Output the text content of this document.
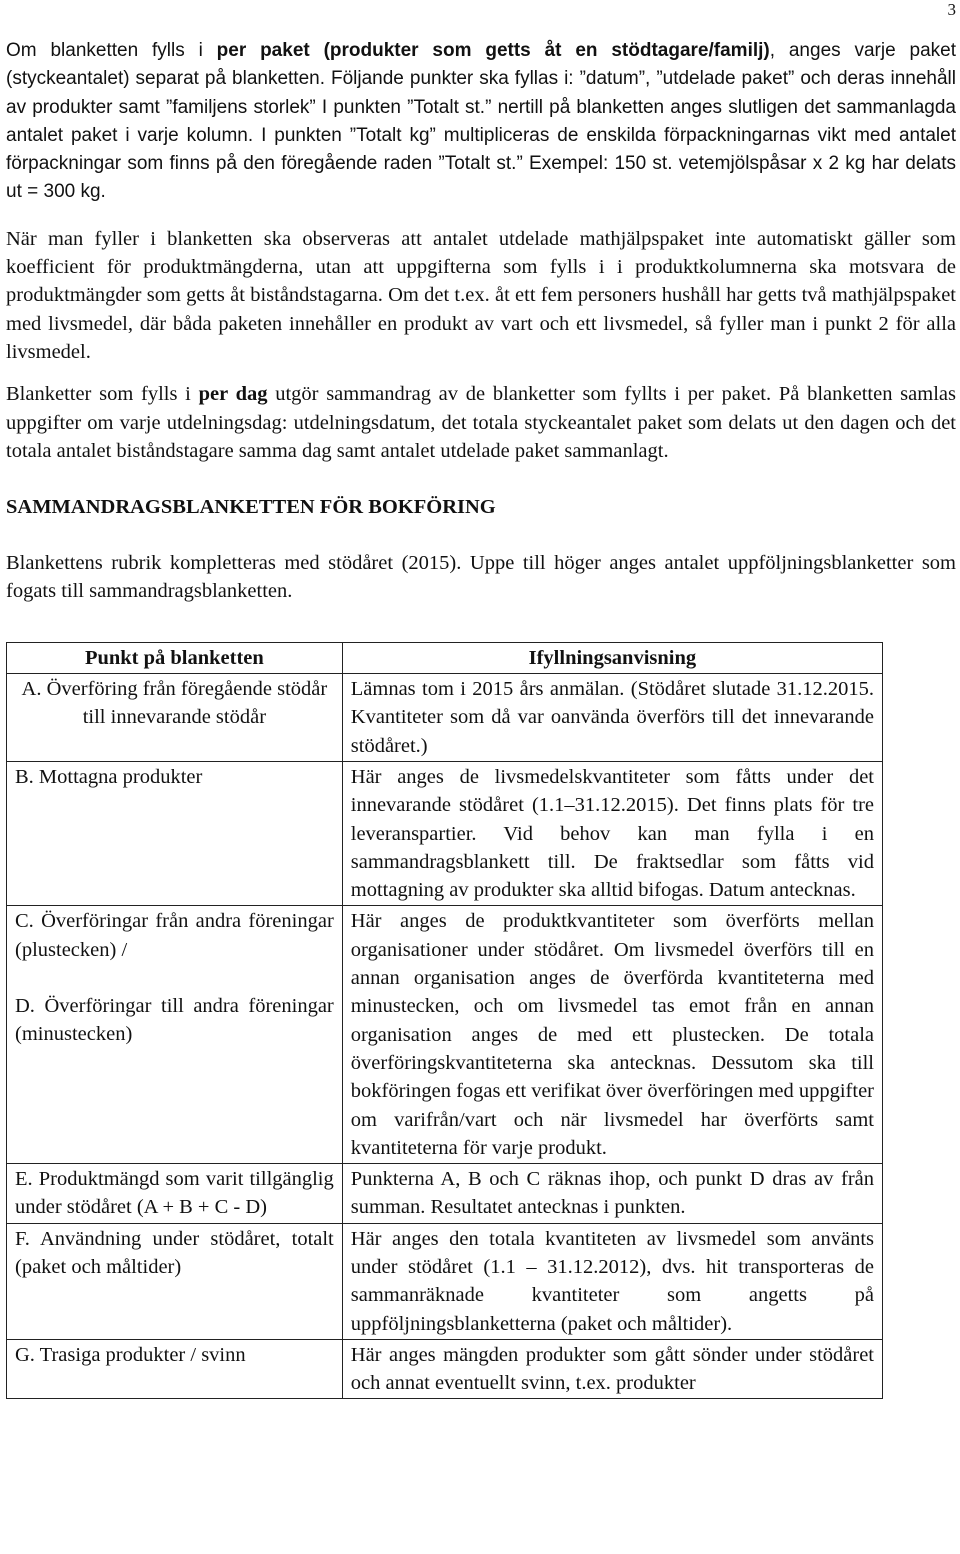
3

Om blanketten fylls i per paket (produkter som getts åt en stödtagare/familj), anges varje paket (styckeantalet) separat på blanketten. Följande punkter ska fyllas i: ”datum”, ”utdelade paket” och deras innehåll av produkter samt ”familjens storlek” I punkten ”Totalt st.” nertill på blanketten anges slutligen det sammanlagda antalet paket i varje kolumn. I punkten ”Totalt kg” multipliceras de enskilda förpackningarnas vikt med antalet förpackningar som finns på den föregående raden ”Totalt st.” Exempel: 150 st. vetemjölspåsar x 2 kg har delats ut = 300 kg.

När man fyller i blanketten ska observeras att antalet utdelade mathjälpspaket inte automatiskt gäller som koefficient för produktmängderna, utan att uppgifterna som fylls i i produktkolumnerna ska motsvara de produktmängder som getts åt biståndstagarna. Om det t.ex. åt ett fem personers hushåll har getts två mathjälpspaket med livsmedel, där båda paketen innehåller en produkt av vart och ett livsmedel, så fyller man i punkt 2 för alla livsmedel.

Blanketter som fylls i per dag utgör sammandrag av de blanketter som fyllts i per paket. På blanketten samlas uppgifter om varje utdelningsdag: utdelningsdatum, det totala styckeantalet paket som delats ut den dagen och det totala antalet biståndstagare samma dag samt antalet utdelade paket sammanlagt.

SAMMANDRAGSBLANKETTEN FÖR BOKFÖRING

Blankettens rubrik kompletteras med stödåret (2015). Uppe till höger anges antalet uppföljningsblanketter som fogats till sammandragsblanketten.

Punkt på blanketten	Ifyllningsanvisning
A. Överföring från föregående stödår till innevarande stödår	Lämnas tom i 2015 års anmälan. (Stödåret slutade 31.12.2015. Kvantiteter som då var oanvända överförs till det innevarande stödåret.)
B. Mottagna produkter	Här anges de livsmedelskvantiteter som fåtts under det innevarande stödåret (1.1–31.12.2015). Det finns plats för tre leveranspartier. Vid behov kan man fylla i en sammandragsblankett till. De fraktsedlar som fåtts vid mottagning av produkter ska alltid bifogas. Datum antecknas.

C. Överföringar från andra föreningar (plustecken) /
D. Överföringar till andra föreningar (minustecken)	Här anges de produktkvantiteter som överförts mellan organisationer under stödåret. Om livsmedel överförs till en annan organisation anges de överförda kvantiteterna med minustecken, och om livsmedel tas emot från en annan organisation anges de med ett plustecken. De totala överföringskvantiteterna ska antecknas. Dessutom ska till bokföringen fogas ett verifikat över överföringen med uppgifter om varifrån/vart och när livsmedel har överförts samt kvantiteterna för varje produkt.
E. Produktmängd som varit tillgänglig under stödåret (A + B + C - D)	Punkterna A, B och C räknas ihop, och punkt D dras av från summan. Resultatet antecknas i punkten.
F. Användning under stödåret, totalt (paket och måltider)	Här anges den totala kvantiteten av livsmedel som använts under stödåret (1.1 – 31.12.2012), dvs. hit transporteras de sammanräknade kvantiteter som angetts på uppföljningsblanketterna (paket och måltider).
G. Trasiga produkter / svinn	Här anges mängden produkter som gått sönder under stödåret och annat eventuellt svinn, t.ex. produkter
